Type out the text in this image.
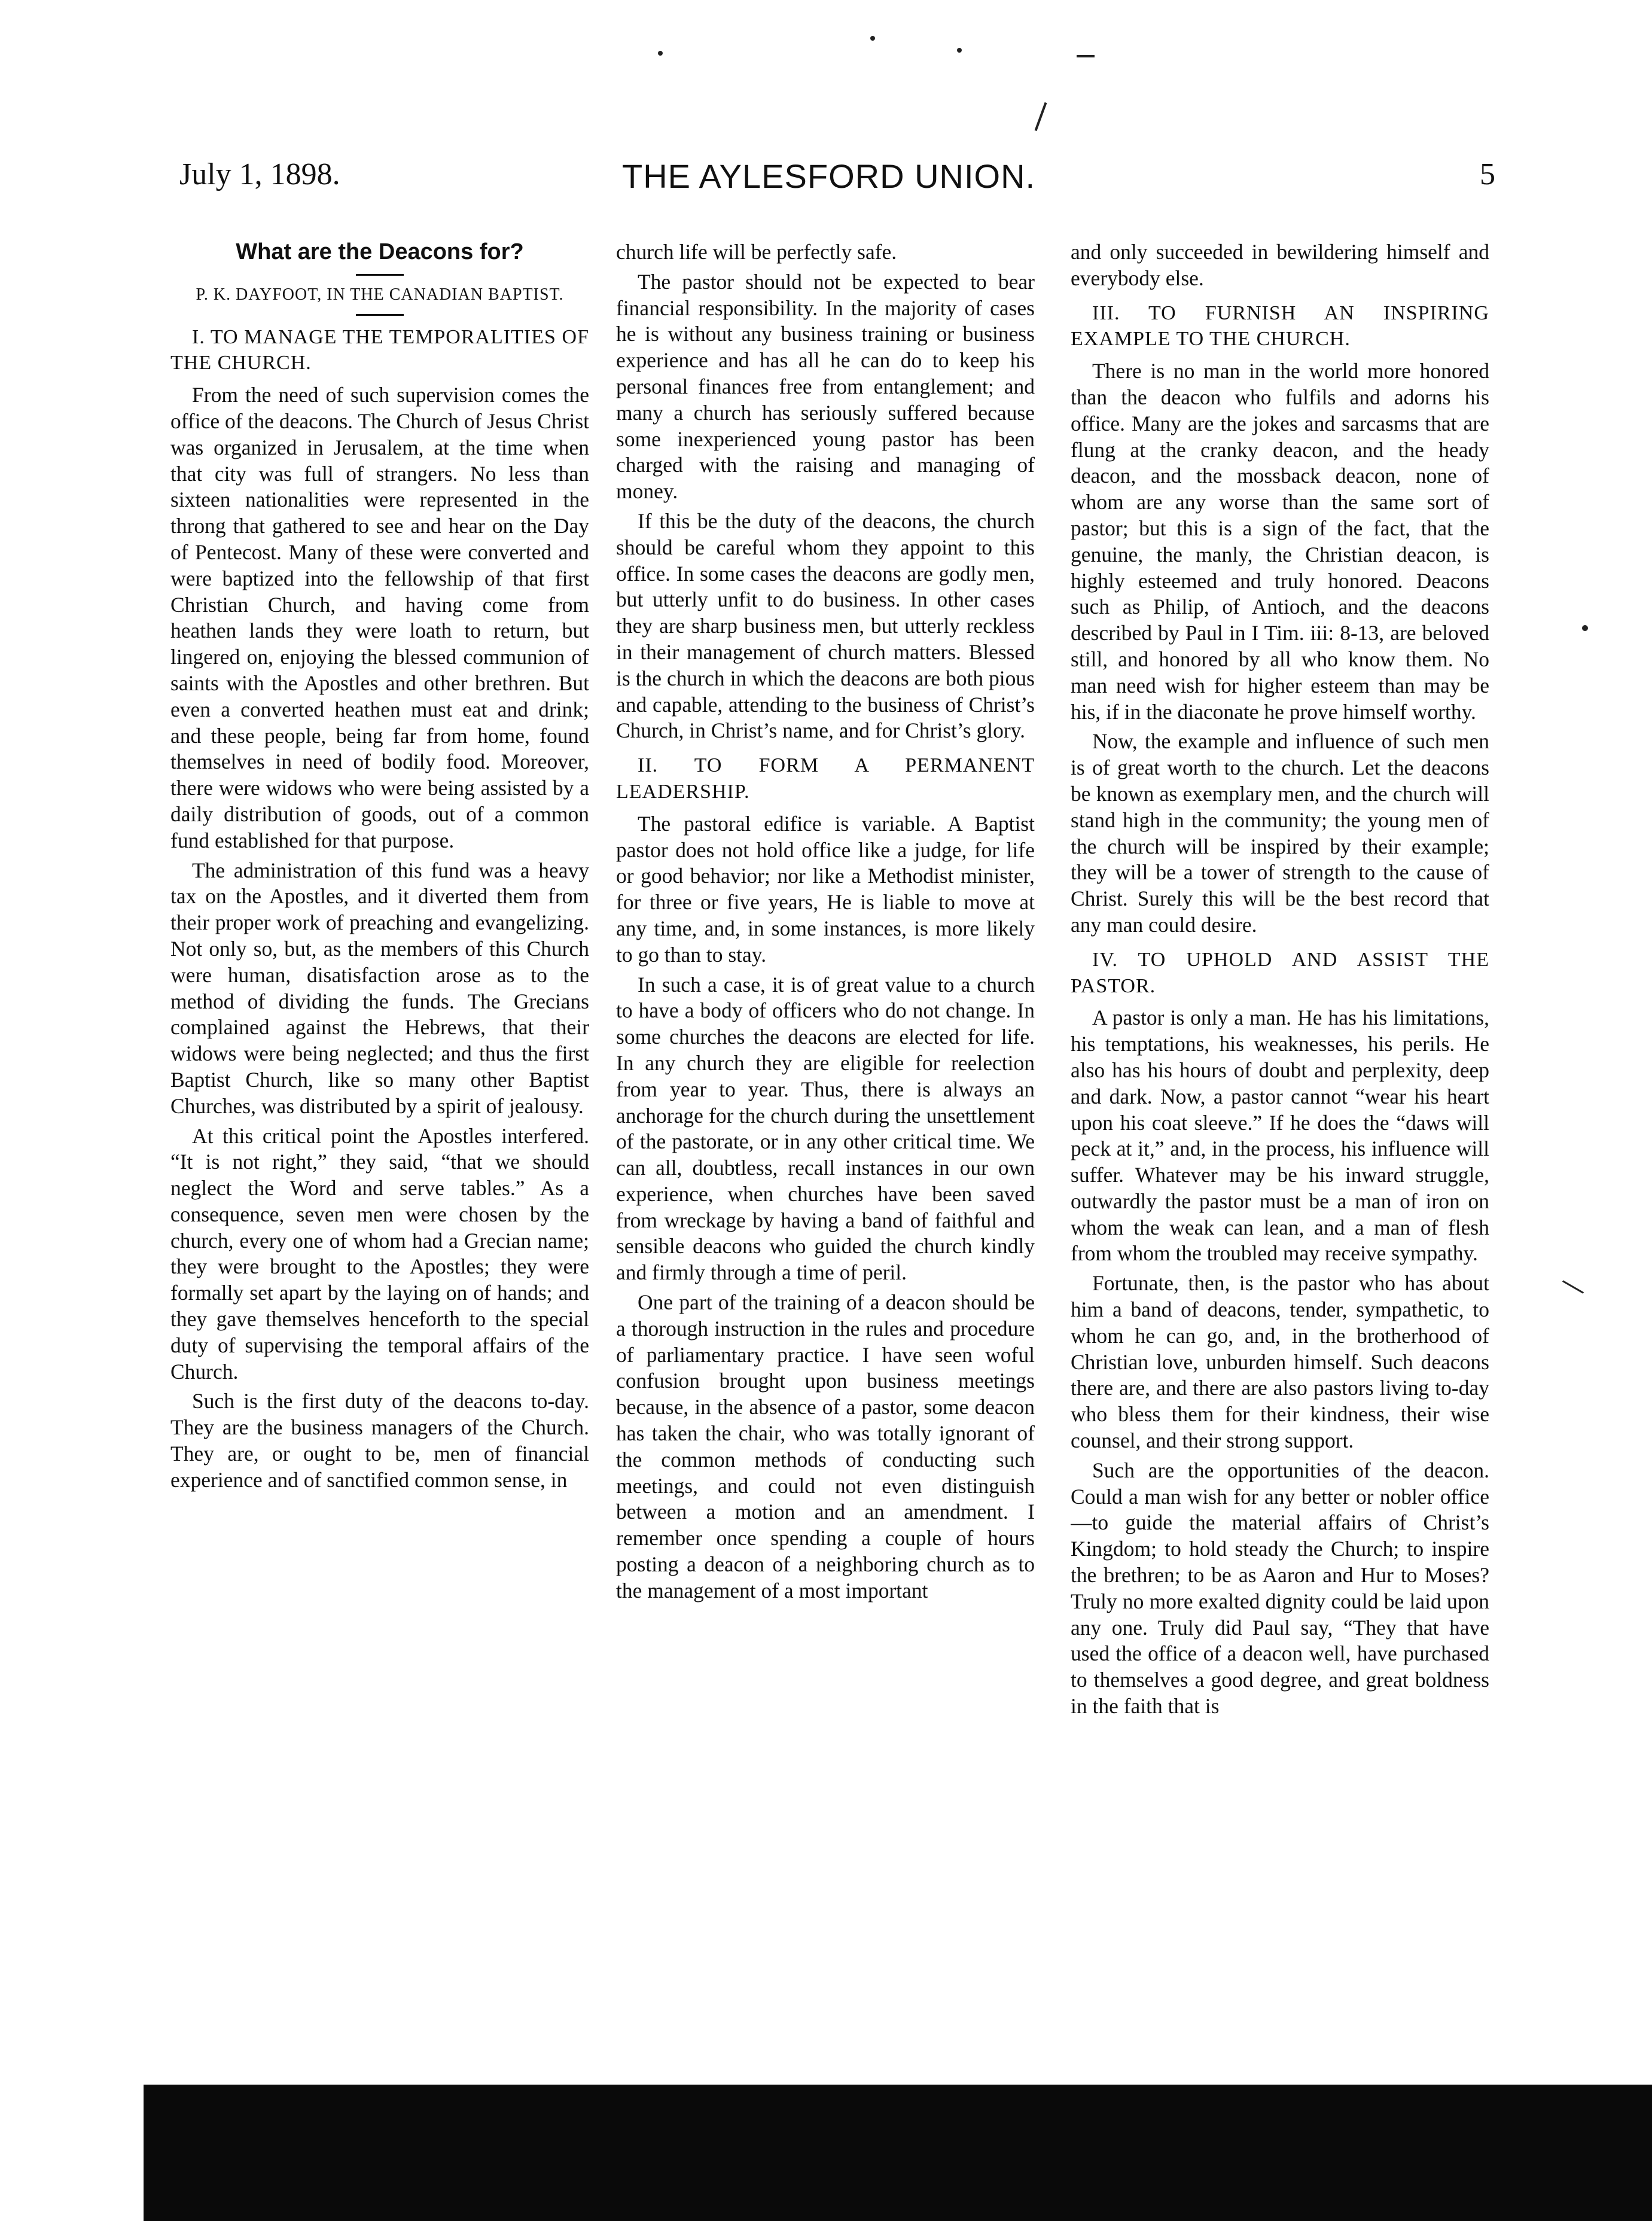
July 1, 1898.	THE AYLESFORD UNION.	5
What are the Deacons for?
P. K. DAYFOOT, IN THE CANADIAN BAPTIST.
I. TO MANAGE THE TEMPORALITIES OF THE CHURCH.

From the need of such supervision comes the office of the deacons. The Church of Jesus Christ was organized in Jerusalem, at the time when that city was full of strangers. No less than sixteen nationalities were represented in the throng that gathered to see and hear on the Day of Pentecost. Many of these were converted and were baptized into the fellowship of that first Christian Church, and having come from heathen lands they were loath to return, but lingered on, enjoying the blessed communion of saints with the Apostles and other brethren. But even a converted heathen must eat and drink; and these people, being far from home, found themselves in need of bodily food. Moreover, there were widows who were being assisted by a daily distribution of goods, out of a common fund established for that purpose.

The administration of this fund was a heavy tax on the Apostles, and it diverted them from their proper work of preaching and evangelizing. Not only so, but, as the members of this Church were human, disatisfaction arose as to the method of dividing the funds. The Grecians complained against the Hebrews, that their widows were being neglected; and thus the first Baptist Church, like so many other Baptist Churches, was distributed by a spirit of jealousy.

At this critical point the Apostles interfered. “It is not right,” they said, “that we should neglect the Word and serve tables.” As a consequence, seven men were chosen by the church, every one of whom had a Grecian name; they were brought to the Apostles; they were formally set apart by the laying on of hands; and they gave themselves henceforth to the special duty of supervising the temporal affairs of the Church.

Such is the first duty of the deacons to-day. They are the business managers of the Church. They are, or ought to be, men of financial experience and of sanctified common sense, in

church life will be perfectly safe.

The pastor should not be expected to bear financial responsibility. In the majority of cases he is without any business training or business experience and has all he can do to keep his personal finances free from entanglement; and many a church has seriously suffered because some inexperienced young pastor has been charged with the raising and managing of money.

If this be the duty of the deacons, the church should be careful whom they appoint to this office. In some cases the deacons are godly men, but utterly unfit to do business. In other cases they are sharp business men, but utterly reckless in their management of church matters. Blessed is the church in which the deacons are both pious and capable, attending to the business of Christ’s Church, in Christ’s name, and for Christ’s glory.

II. TO FORM A PERMANENT LEADERSHIP.

The pastoral edifice is variable. A Baptist pastor does not hold office like a judge, for life or good behavior; nor like a Methodist minister, for three or five years, He is liable to move at any time, and, in some instances, is more likely to go than to stay.

In such a case, it is of great value to a church to have a body of officers who do not change. In some churches the deacons are elected for life. In any church they are eligible for reelection from year to year. Thus, there is always an anchorage for the church during the unsettlement of the pastorate, or in any other critical time. We can all, doubtless, recall instances in our own experience, when churches have been saved from wreckage by having a band of faithful and sensible deacons who guided the church kindly and firmly through a time of peril.

One part of the training of a deacon should be a thorough instruction in the rules and procedure of parliamentary practice. I have seen woful confusion brought upon business meetings because, in the absence of a pastor, some deacon has taken the chair, who was totally ignorant of the common methods of conducting such meetings, and could not even distinguish between a motion and an amendment. I remember once spending a couple of hours posting a deacon of a neighboring church as to the management of a most important

and only succeeded in bewildering himself and everybody else.

III. TO FURNISH AN INSPIRING EXAMPLE TO THE CHURCH.

There is no man in the world more honored than the deacon who fulfils and adorns his office. Many are the jokes and sarcasms that are flung at the cranky deacon, and the heady deacon, and the mossback deacon, none of whom are any worse than the same sort of pastor; but this is a sign of the fact, that the genuine, the manly, the Christian deacon, is highly esteemed and truly honored. Deacons such as Philip, of Antioch, and the deacons described by Paul in I Tim. iii: 8-13, are beloved still, and honored by all who know them. No man need wish for higher esteem than may be his, if in the diaconate he prove himself worthy.

Now, the example and influence of such men is of great worth to the church. Let the deacons be known as exemplary men, and the church will stand high in the community; the young men of the church will be inspired by their example; they will be a tower of strength to the cause of Christ. Surely this will be the best record that any man could desire.

IV. TO UPHOLD AND ASSIST THE PASTOR.

A pastor is only a man. He has his limitations, his temptations, his weaknesses, his perils. He also has his hours of doubt and perplexity, deep and dark. Now, a pastor cannot “wear his heart upon his coat sleeve.” If he does the “daws will peck at it,” and, in the process, his influence will suffer. Whatever may be his inward struggle, outwardly the pastor must be a man of iron on whom the weak can lean, and a man of flesh from whom the troubled may receive sympathy.

Fortunate, then, is the pastor who has about him a band of deacons, tender, sympathetic, to whom he can go, and, in the brotherhood of Christian love, unburden himself. Such deacons there are, and there are also pastors living to-day who bless them for their kindness, their wise counsel, and their strong support.

Such are the opportunities of the deacon. Could a man wish for any better or nobler office—to guide the material affairs of Christ’s Kingdom; to hold steady the Church; to inspire the brethren; to be as Aaron and Hur to Moses? Truly no more exalted dignity could be laid upon any one. Truly did Paul say, “They that have used the office of a deacon well, have purchased to themselves a good degree, and great boldness in the faith that is
